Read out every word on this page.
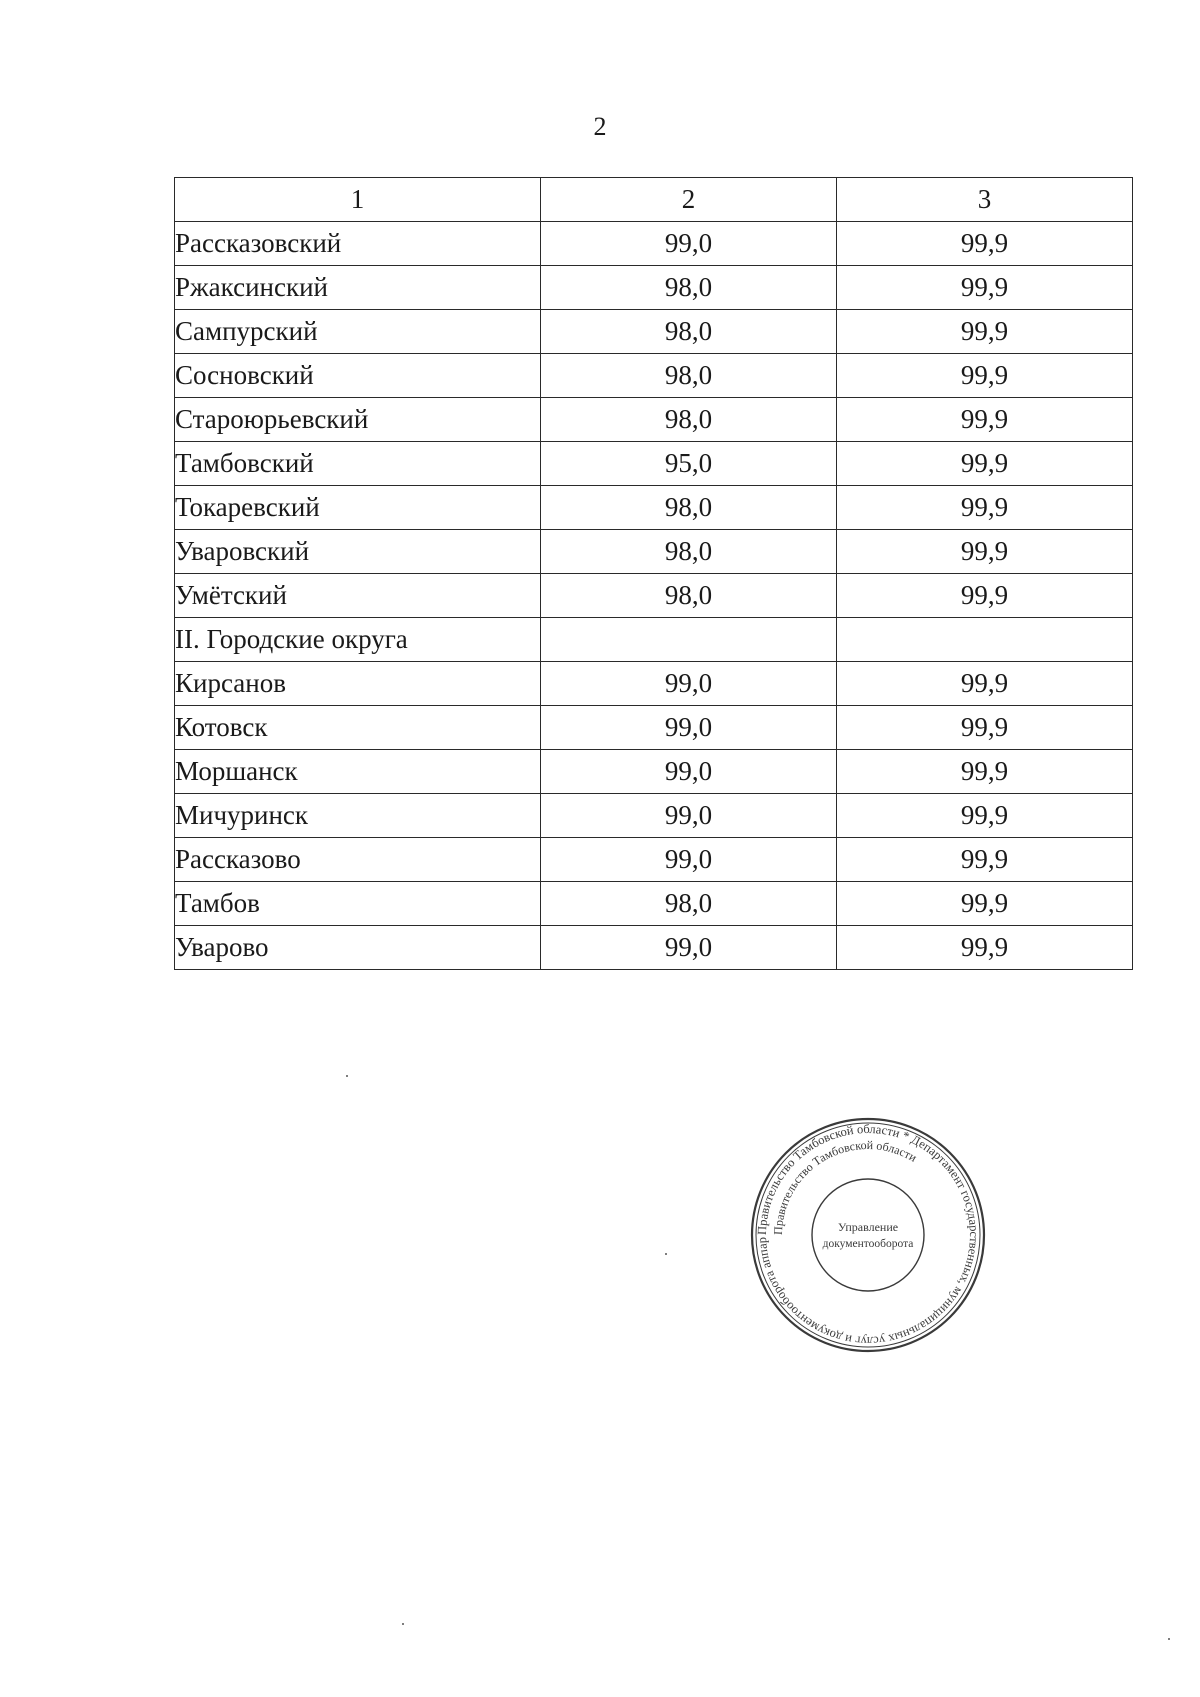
2
1	2	3
Рассказовский	99,0	99,9
Ржаксинский	98,0	99,9
Сампурский	98,0	99,9
Сосновский	98,0	99,9
Староюрьевский	98,0	99,9
Тамбовский	95,0	99,9
Токаревский	98,0	99,9
Уваровский	98,0	99,9
Умётский	98,0	99,9
II. Городские округа		
Кирсанов	99,0	99,9
Котовск	99,0	99,9
Моршанск	99,0	99,9
Мичуринск	99,0	99,9
Рассказово	99,0	99,9
Тамбов	98,0	99,9
Уварово	99,0	99,9
Правительство Тамбовской области * Департамент государственных, муниципальных услуг и документооборота аппар
Правительство Тамбовской области
Управление
документооборота
